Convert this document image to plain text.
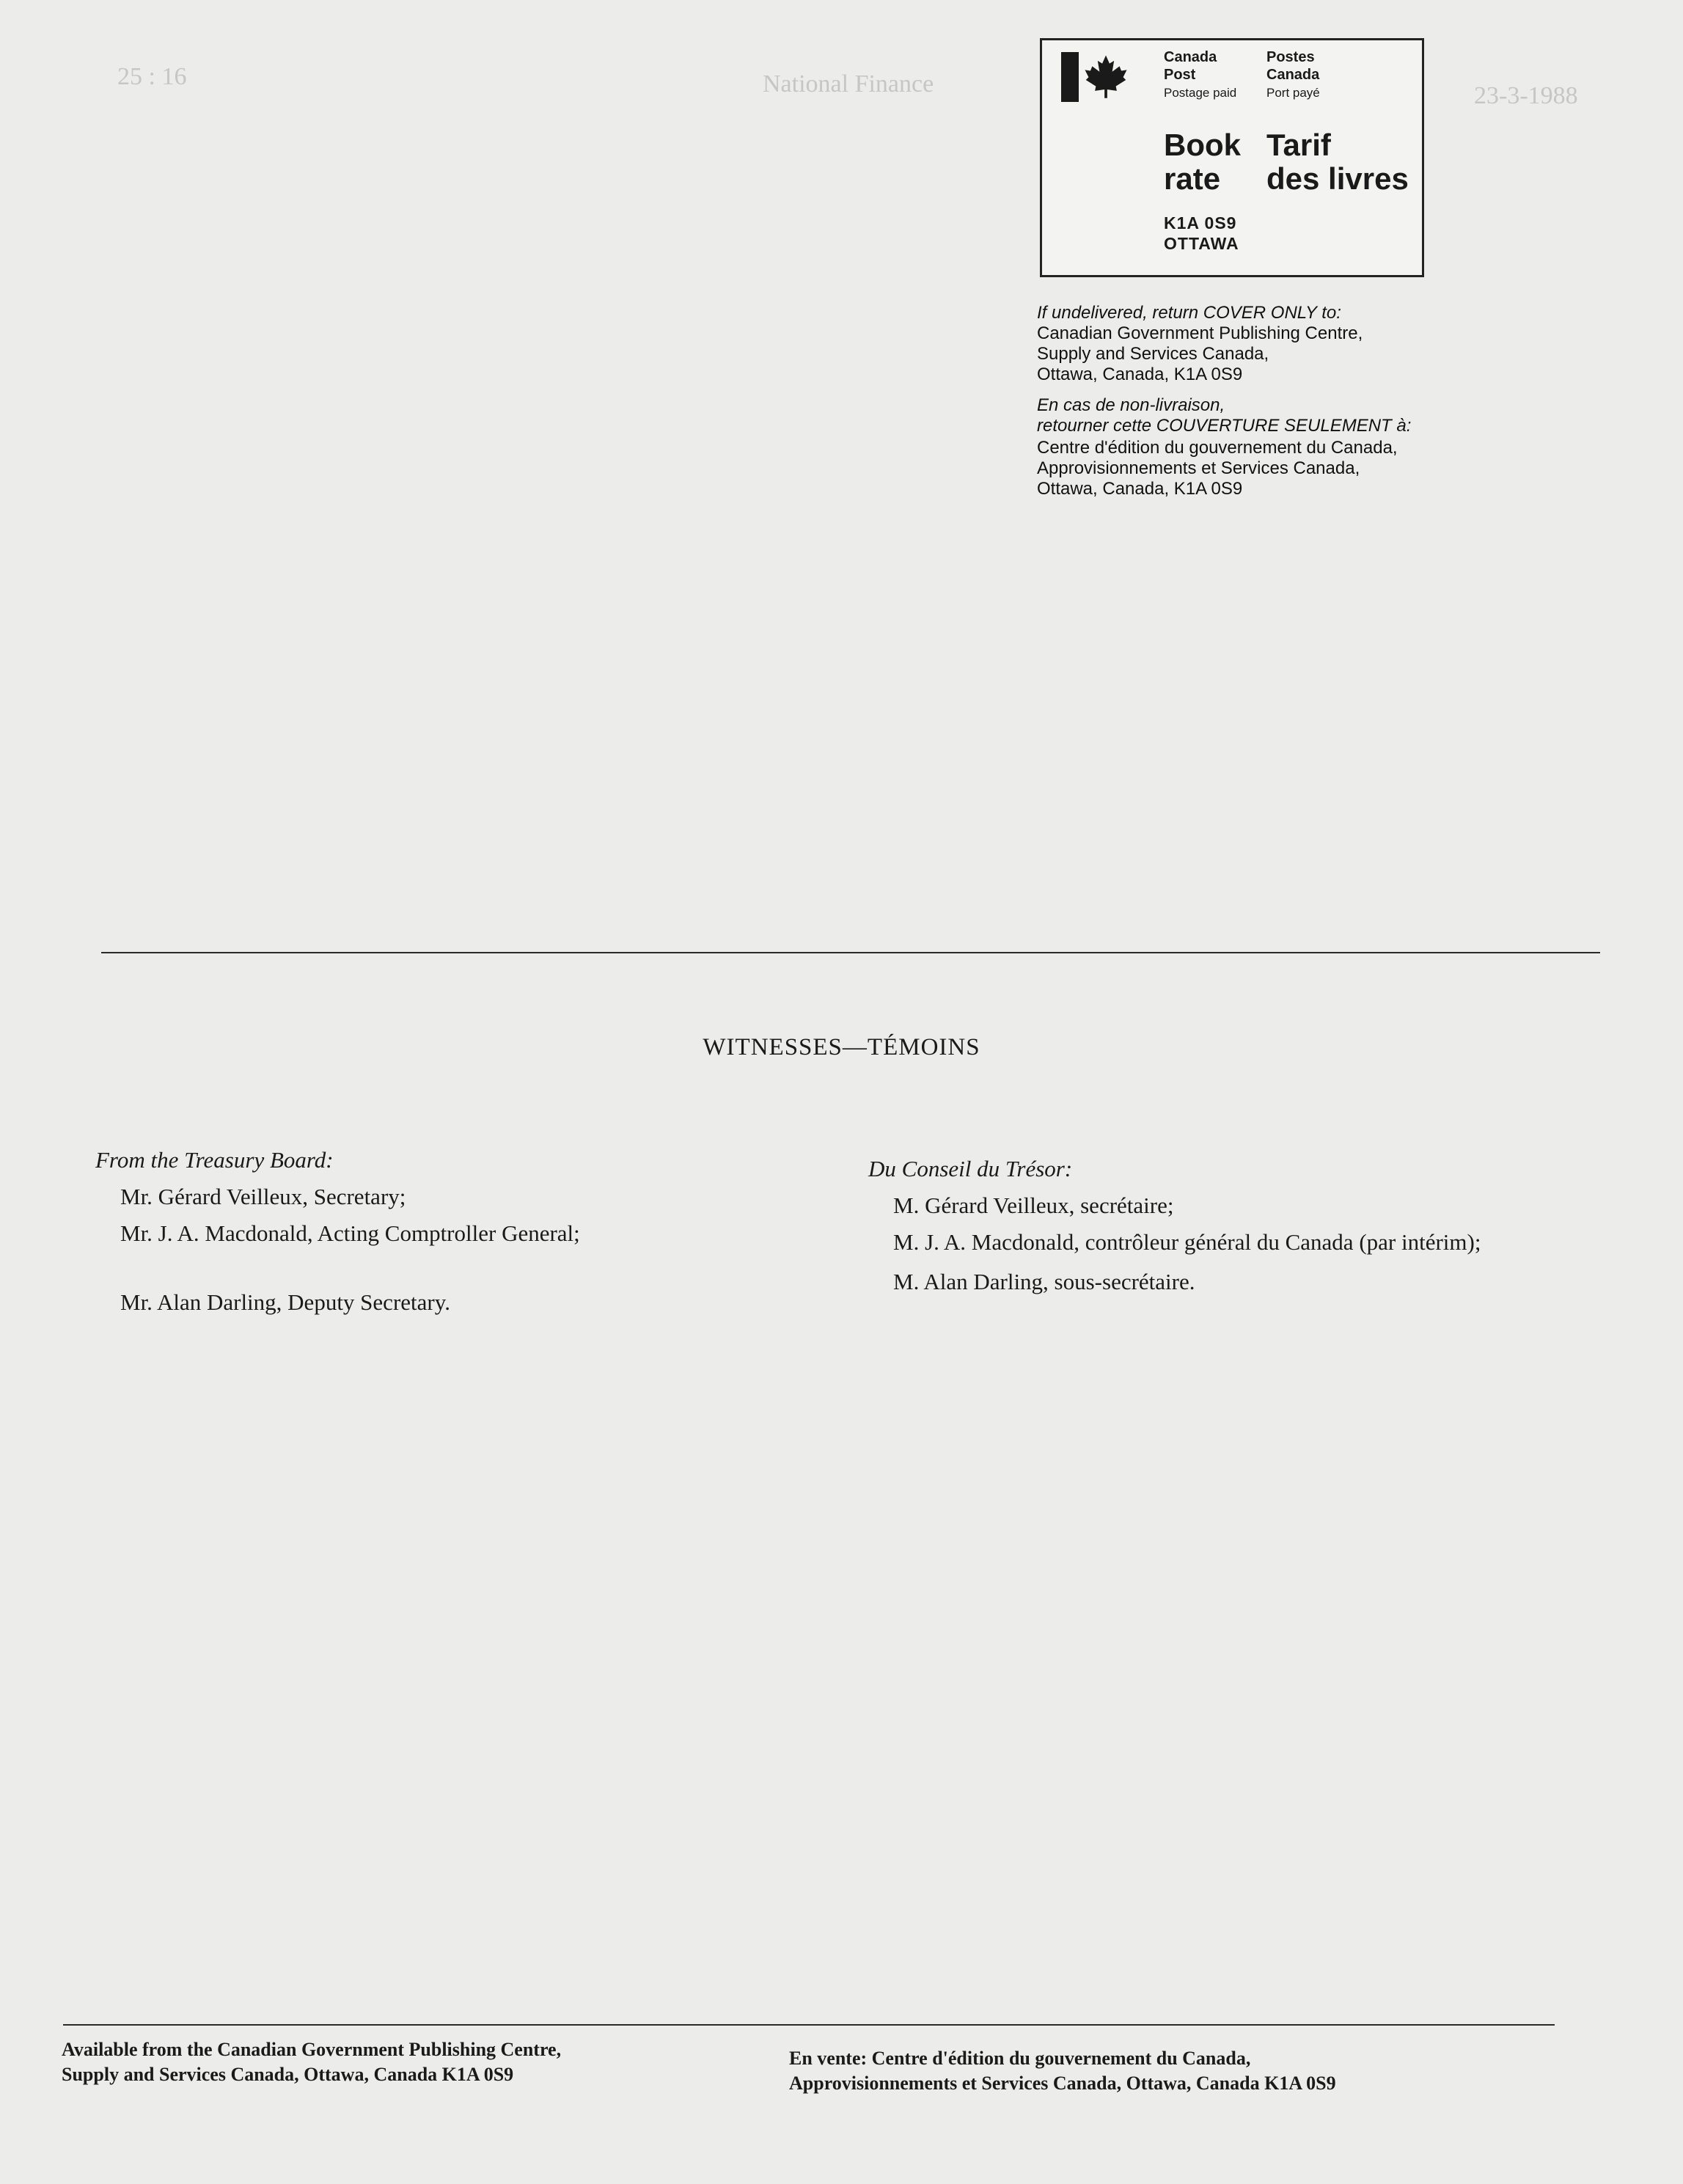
25 : 16	National Finance	23-3-1988
Canada
Post
Postage paid
Postes
Canada
Port payé
Book
rate
Tarif
des livres
K1A 0S9
OTTAWA
If undelivered, return COVER ONLY to:
Canadian Government Publishing Centre,
Supply and Services Canada,
Ottawa, Canada, K1A 0S9
En cas de non-livraison,
retourner cette COUVERTURE SEULEMENT à:
Centre d'édition du gouvernement du Canada,
Approvisionnements et Services Canada,
Ottawa, Canada, K1A 0S9
WITNESSES—TÉMOINS
From the Treasury Board:
Mr. Gérard Veilleux, Secretary;
Mr. J. A. Macdonald, Acting Comptroller General;
Mr. Alan Darling, Deputy Secretary.
Du Conseil du Trésor:
M. Gérard Veilleux, secrétaire;
M. J. A. Macdonald, contrôleur général du Canada (par intérim);
M. Alan Darling, sous-secrétaire.
Available from the Canadian Government Publishing Centre,
Supply and Services Canada, Ottawa, Canada K1A 0S9
En vente: Centre d'édition du gouvernement du Canada,
Approvisionnements et Services Canada, Ottawa, Canada K1A 0S9
